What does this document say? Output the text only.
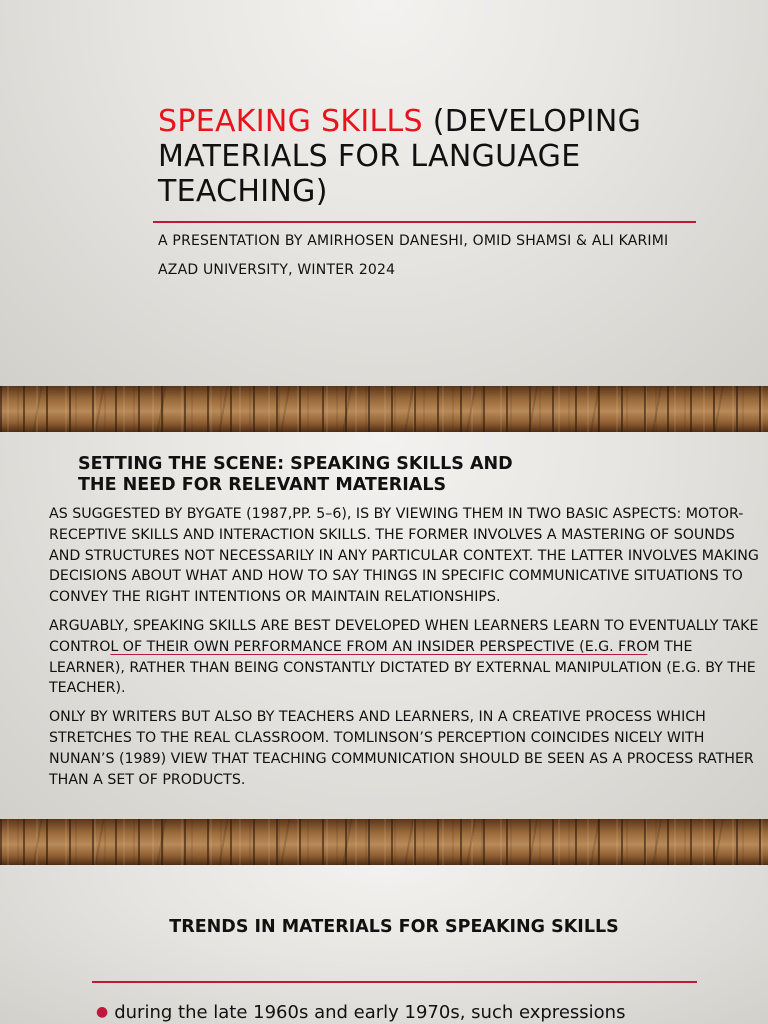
SPEAKING SKILLS (DEVELOPING
MATERIALS FOR LANGUAGE
TEACHING)
A PRESENTATION BY AMIRHOSEN DANESHI, OMID SHAMSI & ALI KARIMI
AZAD UNIVERSITY, WINTER 2024
SETTING THE SCENE: SPEAKING SKILLS AND
THE NEED FOR RELEVANT MATERIALS

AS SUGGESTED BY BYGATE (1987,PP. 5–6), IS BY VIEWING THEM IN TWO BASIC ASPECTS: MOTOR-RECEPTIVE SKILLS AND INTERACTION SKILLS. THE FORMER INVOLVES A MASTERING OF SOUNDS AND STRUCTURES NOT NECESSARILY IN ANY PARTICULAR CONTEXT. THE LATTER INVOLVES MAKING DECISIONS ABOUT WHAT AND HOW TO SAY THINGS IN SPECIFIC COMMUNICATIVE SITUATIONS TO CONVEY THE RIGHT INTENTIONS OR MAINTAIN RELATIONSHIPS.

ARGUABLY, SPEAKING SKILLS ARE BEST DEVELOPED WHEN LEARNERS LEARN TO EVENTUALLY TAKE CONTROL OF THEIR OWN PERFORMANCE FROM AN INSIDER PERSPECTIVE (E.G. FROM THE LEARNER), RATHER THAN BEING CONSTANTLY DICTATED BY EXTERNAL MANIPULATION (E.G. BY THE TEACHER).

ONLY BY WRITERS BUT ALSO BY TEACHERS AND LEARNERS, IN A CREATIVE PROCESS WHICH STRETCHES TO THE REAL CLASSROOM. TOMLINSON’S PERCEPTION COINCIDES NICELY WITH NUNAN’S (1989) VIEW THAT TEACHING COMMUNICATION SHOULD BE SEEN AS A PROCESS RATHER THAN A SET OF PRODUCTS.

TRENDS IN MATERIALS FOR SPEAKING SKILLS
● during the late 1960s and early 1970s, such expressions
